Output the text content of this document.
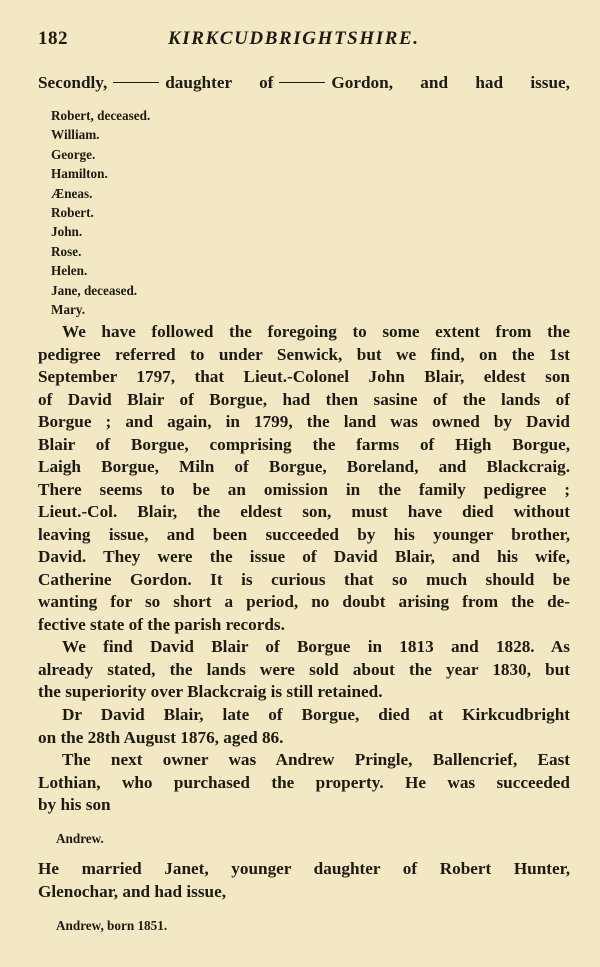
182	KIRKCUDBRIGHTSHIRE.
Secondly,	daughter of	Gordon, and had issue,
Robert, deceased.
William.
George.
Hamilton.
Æneas.
Robert.
John.
Rose.
Helen.
Jane, deceased.
Mary.
We have followed the foregoing to some extent from the
pedigree referred to under Senwick, but we find, on the 1st
September 1797, that Lieut.-Colonel John Blair, eldest son
of David Blair of Borgue, had then sasine of the lands of
Borgue ; and again, in 1799, the land was owned by David
Blair of Borgue, comprising the farms of High Borgue,
Laigh Borgue, Miln of Borgue, Boreland, and Blackcraig.
There seems to be an omission in the family pedigree ;
Lieut.-Col. Blair, the eldest son, must have died without
leaving issue, and been succeeded by his younger brother,
David. They were the issue of David Blair, and his wife,
Catherine Gordon. It is curious that so much should be
wanting for so short a period, no doubt arising from the de-
fective state of the parish records.
We find David Blair of Borgue in 1813 and 1828. As
already stated, the lands were sold about the year 1830, but
the superiority over Blackcraig is still retained.
Dr David Blair, late of Borgue, died at Kirkcudbright
on the 28th August 1876, aged 86.
The next owner was Andrew Pringle, Ballencrief, East
Lothian, who purchased the property. He was succeeded
by his son
Andrew.
He married Janet, younger daughter of Robert Hunter,
Glenochar, and had issue,
Andrew, born 1851.
